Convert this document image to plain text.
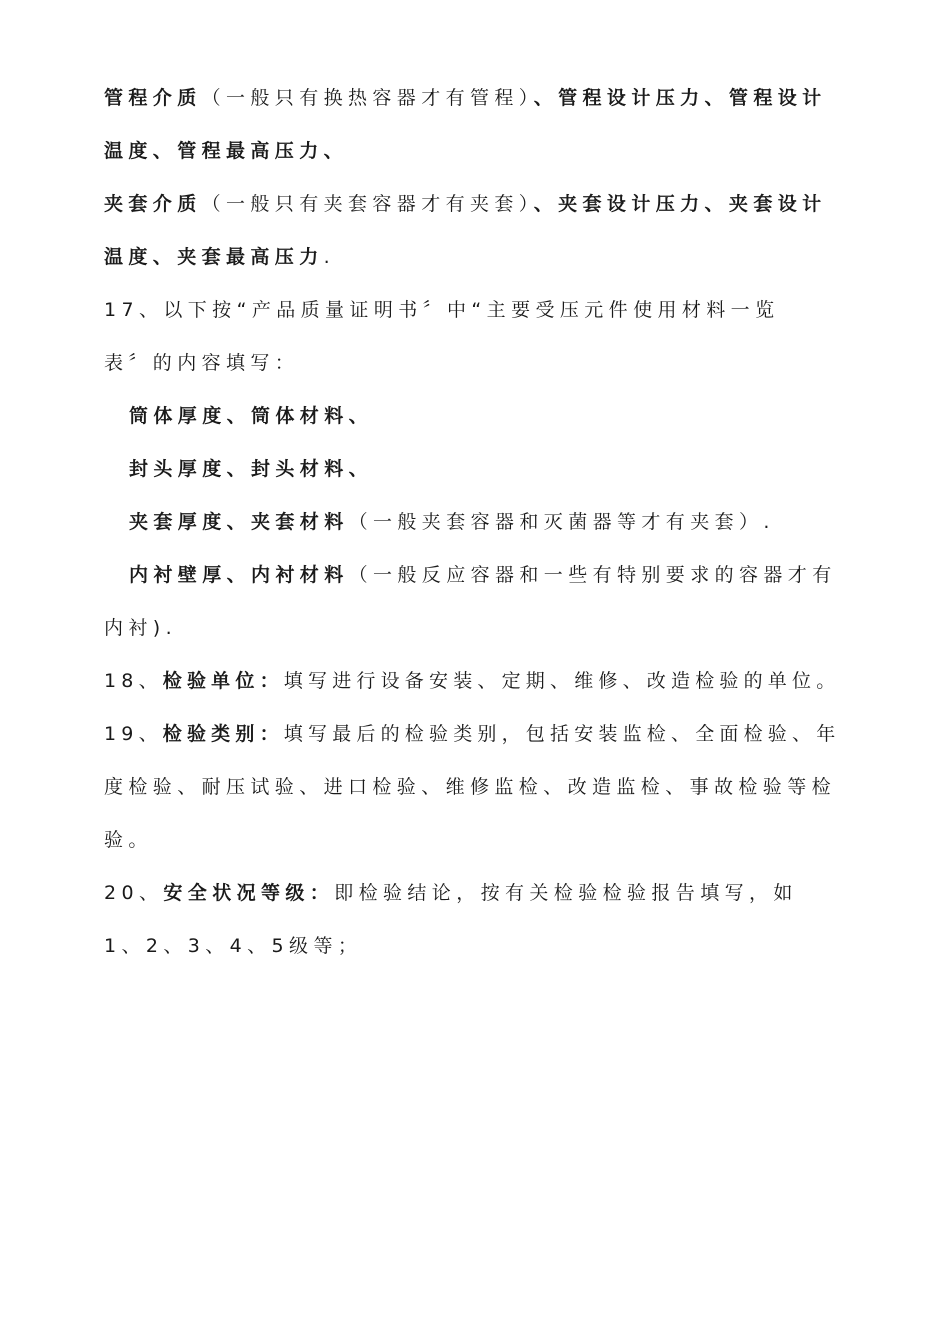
管程介质（一般只有换热容器才有管程）、管程设计压力、管程设计
温度、管程最高压力、
夹套介质（一般只有夹套容器才有夹套）、夹套设计压力、夹套设计
温度、夹套最高压力.
17、以下按“产品质量证明书〞中“主要受压元件使用材料一览
表〞的内容填写：
筒体厚度、筒体材料、
封头厚度、封头材料、
夹套厚度、夹套材料（一般夹套容器和灭菌器等才有夹套）.
内衬壁厚、内衬材料（一般反应容器和一些有特别要求的容器才有
内衬).
18、检验单位：填写进行设备安装、定期、维修、改造检验的单位。
19、检验类别：填写最后的检验类别，包括安装监检、全面检验、年
度检验、耐压试验、进口检验、维修监检、改造监检、事故检验等检
验。
20、安全状况等级：即检验结论，按有关检验检验报告填写，如
1、2、3、4、5级等；
